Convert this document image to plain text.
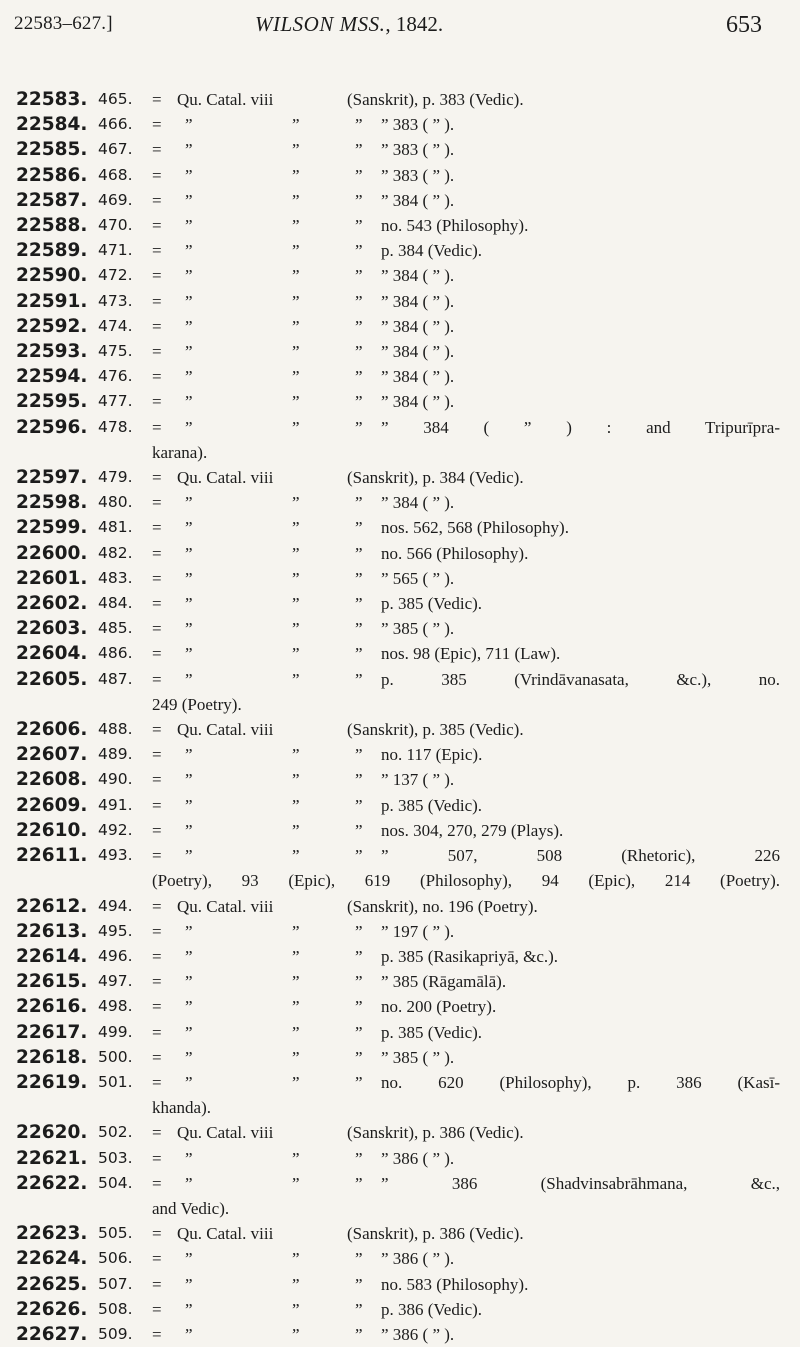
22583–627.]	WILSON MSS., 1842.	653
22583. 465. = Qu. Catal. viii	(Sanskrit), p. 383 (Vedic).
22584. 466. =	”	”	”	” 383 ( ” ).
22585. 467. =	”	”	”	” 383 ( ” ).
22586. 468. =	”	”	”	” 383 ( ” ).
22587. 469. =	”	”	”	” 384 ( ” ).
22588. 470. =	”	”	”	no. 543 (Philosophy).
22589. 471. =	”	”	”	p. 384 (Vedic).
22590. 472. =	”	”	”	” 384 ( ” ).
22591. 473. =	”	”	”	” 384 ( ” ).
22592. 474. =	”	”	”	” 384 ( ” ).
22593. 475. =	”	”	”	” 384 ( ” ).
22594. 476. =	”	”	”	” 384 ( ” ).
22595. 477. =	”	”	”	” 384 ( ” ).
22596. 478. =	”	”	”	” 384 ( ” ) : and Tripurīpra-
karana).
22597. 479. = Qu. Catal. viii	(Sanskrit), p. 384 (Vedic).
22598. 480. =	”	”	”	” 384 ( ” ).
22599. 481. =	”	”	”	nos. 562, 568 (Philosophy).
22600. 482. =	”	”	”	no. 566 (Philosophy).
22601. 483. =	”	”	”	” 565 ( ” ).
22602. 484. =	”	”	”	p. 385 (Vedic).
22603. 485. =	”	”	”	” 385 ( ” ).
22604. 486. =	”	”	”	nos. 98 (Epic), 711 (Law).
22605. 487. =	”	”	”	p. 385 (Vrindāvanasata, &c.), no.
249 (Poetry).
22606. 488. = Qu. Catal. viii	(Sanskrit), p. 385 (Vedic).
22607. 489. =	”	”	”	no. 117 (Epic).
22608. 490. =	”	”	”	” 137 ( ” ).
22609. 491. =	”	”	”	p. 385 (Vedic).
22610. 492. =	”	”	”	nos. 304, 270, 279 (Plays).
22611. 493. =	”	”	”	” 507, 508 (Rhetoric), 226
(Poetry), 93 (Epic), 619 (Philosophy), 94 (Epic), 214 (Poetry).
22612. 494. = Qu. Catal. viii	(Sanskrit), no. 196 (Poetry).
22613. 495. =	”	”	”	” 197 ( ” ).
22614. 496. =	”	”	”	p. 385 (Rasikapriyā, &c.).
22615. 497. =	”	”	”	” 385 (Rāgamālā).
22616. 498. =	”	”	”	no. 200 (Poetry).
22617. 499. =	”	”	”	p. 385 (Vedic).
22618. 500. =	”	”	”	” 385 ( ” ).
22619. 501. =	”	”	”	no. 620 (Philosophy), p. 386 (Kasī-
khanda).
22620. 502. = Qu. Catal. viii	(Sanskrit), p. 386 (Vedic).
22621. 503. =	”	”	”	” 386 ( ” ).
22622. 504. =	”	”	”	” 386 (Shadvinsabrāhmana, &c.,
and Vedic).
22623. 505. = Qu. Catal. viii	(Sanskrit), p. 386 (Vedic).
22624. 506. =	”	”	”	” 386 ( ” ).
22625. 507. =	”	”	”	no. 583 (Philosophy).
22626. 508. =	”	”	”	p. 386 (Vedic).
22627. 509. =	”	”	”	” 386 ( ” ).
